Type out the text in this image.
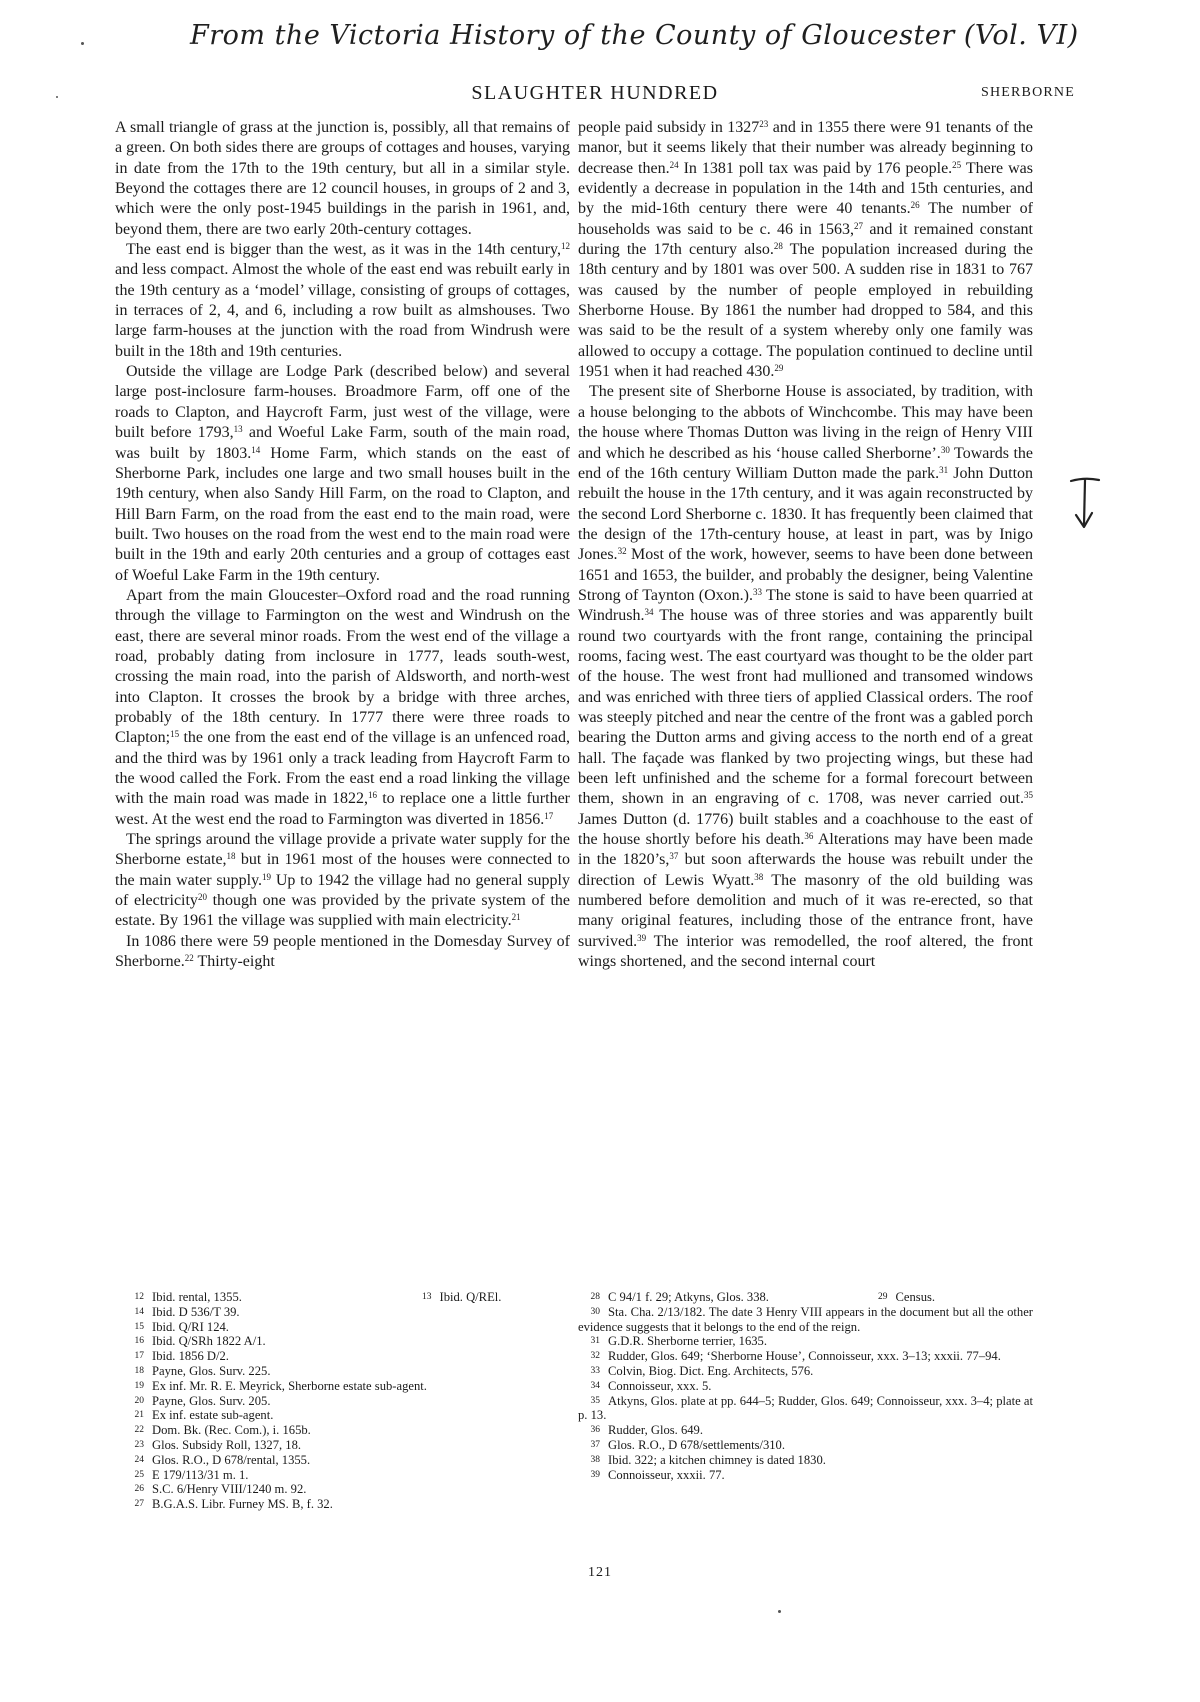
From the Victoria History of the County of Gloucester (Vol. VI)
SLAUGHTER HUNDRED	SHERBORNE

A small triangle of grass at the junction is, possibly, all that remains of a green. On both sides there are groups of cottages and houses, varying in date from the 17th to the 19th century, but all in a similar style. Beyond the cottages there are 12 council houses, in groups of 2 and 3, which were the only post-1945 buildings in the parish in 1961, and, beyond them, there are two early 20th-century cottages.

The east end is bigger than the west, as it was in the 14th century,$^{12}$ and less compact. Almost the whole of the east end was rebuilt early in the 19th century as a ‘model’ village, consisting of groups of cottages, in terraces of 2, 4, and 6, including a row built as almshouses. Two large farm-houses at the junction with the road from Windrush were built in the 18th and 19th centuries.

Outside the village are Lodge Park (described below) and several large post-inclosure farm-houses. Broadmore Farm, off one of the roads to Clapton, and Haycroft Farm, just west of the village, were built before 1793,13 and Woeful Lake Farm, south of the main road, was built by 1803.14 Home Farm, which stands on the east of Sherborne Park, includes one large and two small houses built in the 19th century, when also Sandy Hill Farm, on the road to Clapton, and Hill Barn Farm, on the road from the east end to the main road, were built. Two houses on the road from the west end to the main road were built in the 19th and early 20th centuries and a group of cottages east of Woeful Lake Farm in the 19th century.

Apart from the main Gloucester–Oxford road and the road running through the village to Farmington on the west and Windrush on the east, there are several minor roads. From the west end of the village a road, probably dating from inclosure in 1777, leads south-west, crossing the main road, into the parish of Aldsworth, and north-west into Clapton. It crosses the brook by a bridge with three arches, probably of the 18th century. In 1777 there were three roads to Clapton;$^{15}$ the one from the east end of the village is an unfenced road, and the third was by 1961 only a track leading from Haycroft Farm to the wood called the Fork. From the east end a road linking the village with the main road was made in 1822,16 to replace one a little further west. At the west end the road to Farmington was diverted in 1856.17

The springs around the village provide a private water supply for the Sherborne estate,$^{18}$ but in 1961 most of the houses were connected to the main water supply.$^{19}$ Up to 1942 the village had no general supply of electricity$^{20}$ though one was provided by the private system of the estate. By 1961 the village was supplied with main electricity.$^{21}$

In 1086 there were 59 people mentioned in the Domesday Survey of Sherborne.$^{22}$ Thirty-eight

people paid subsidy in 1327$^{23}$ and in 1355 there were 91 tenants of the manor, but it seems likely that their number was already beginning to decrease then.$^{24}$ In 1381 poll tax was paid by 176 people.$^{25}$ There was evidently a decrease in population in the 14th and 15th centuries, and by the mid-16th century there were 40 tenants.$^{26}$ The number of households was said to be c. 46 in 1563,27 and it remained constant during the 17th century also.$^{28}$ The population increased during the 18th century and by 1801 was over 500. A sudden rise in 1831 to 767 was caused by the number of people employed in rebuilding Sherborne House. By 1861 the number had dropped to 584, and this was said to be the result of a system whereby only one family was allowed to occupy a cottage. The population continued to decline until 1951 when it had reached 430.29

The present site of Sherborne House is associated, by tradition, with a house belonging to the abbots of Winchcombe. This may have been the house where Thomas Dutton was living in the reign of Henry VIII and which he described as his ‘house called Sherborne’.$^{30}$ Towards the end of the 16th century William Dutton made the park.$^{31}$ John Dutton rebuilt the house in the 17th century, and it was again reconstructed by the second Lord Sherborne c. 1830. It has frequently been claimed that the design of the 17th-century house, at least in part, was by Inigo Jones.$^{32}$ Most of the work, however, seems to have been done between 1651 and 1653, the builder, and probably the designer, being Valentine Strong of Taynton (Oxon.).$^{33}$ The stone is said to have been quarried at Windrush.$^{34}$ The house was of three stories and was apparently built round two courtyards with the front range, containing the principal rooms, facing west. The east courtyard was thought to be the older part of the house. The west front had mullioned and transomed windows and was enriched with three tiers of applied Classical orders. The roof was steeply pitched and near the centre of the front was a gabled porch bearing the Dutton arms and giving access to the north end of a great hall. The façade was flanked by two projecting wings, but these had been left unfinished and the scheme for a formal forecourt between them, shown in an engraving of c. 1708, was never carried out.$^{35}$ James Dutton (d. 1776) built stables and a coachhouse to the east of the house shortly before his death.$^{36}$ Alterations may have been made in the 1820’s,$^{37}$ but soon afterwards the house was rebuilt under the direction of Lewis Wyatt.$^{38}$ The masonry of the old building was numbered before demolition and much of it was re-erected, so that many original features, including those of the entrance front, have survived.$^{39}$ The interior was remodelled, the roof altered, the front wings shortened, and the second internal court

12 Ibid. rental, 1355.	13 Ibid. Q/REl.
14 Ibid. D 536/T 39.
15 Ibid. Q/RI 124.
16 Ibid. Q/SRh 1822 A/1.
17 Ibid. 1856 D/2.
18 Payne, Glos. Surv. 225.
19 Ex inf. Mr. R. E. Meyrick, Sherborne estate sub-agent.
20 Payne, Glos. Surv. 205.
21 Ex inf. estate sub-agent.
22 Dom. Bk. (Rec. Com.), i. 165b.
23 Glos. Subsidy Roll, 1327, 18.
24 Glos. R.O., D 678/rental, 1355.
25 E 179/113/31 m. 1.
26 S.C. 6/Henry VIII/1240 m. 92.
27 B.G.A.S. Libr. Furney MS. B, f. 32.
28 C 94/1 f. 29; Atkyns, Glos. 338.	29 Census.
30 Sta. Cha. 2/13/182. The date 3 Henry VIII appears in the document but all the other evidence suggests that it belongs to the end of the reign.
31 G.D.R. Sherborne terrier, 1635.
32 Rudder, Glos. 649; ‘Sherborne House’, Connoisseur, xxx. 3–13; xxxii. 77–94.
33 Colvin, Biog. Dict. Eng. Architects, 576.
34 Connoisseur, xxx. 5.
35 Atkyns, Glos. plate at pp. 644–5; Rudder, Glos. 649; Connoisseur, xxx. 3–4; plate at p. 13.
36 Rudder, Glos. 649.
37 Glos. R.O., D 678/settlements/310.
38 Ibid. 322; a kitchen chimney is dated 1830.
39 Connoisseur, xxxii. 77.
121
